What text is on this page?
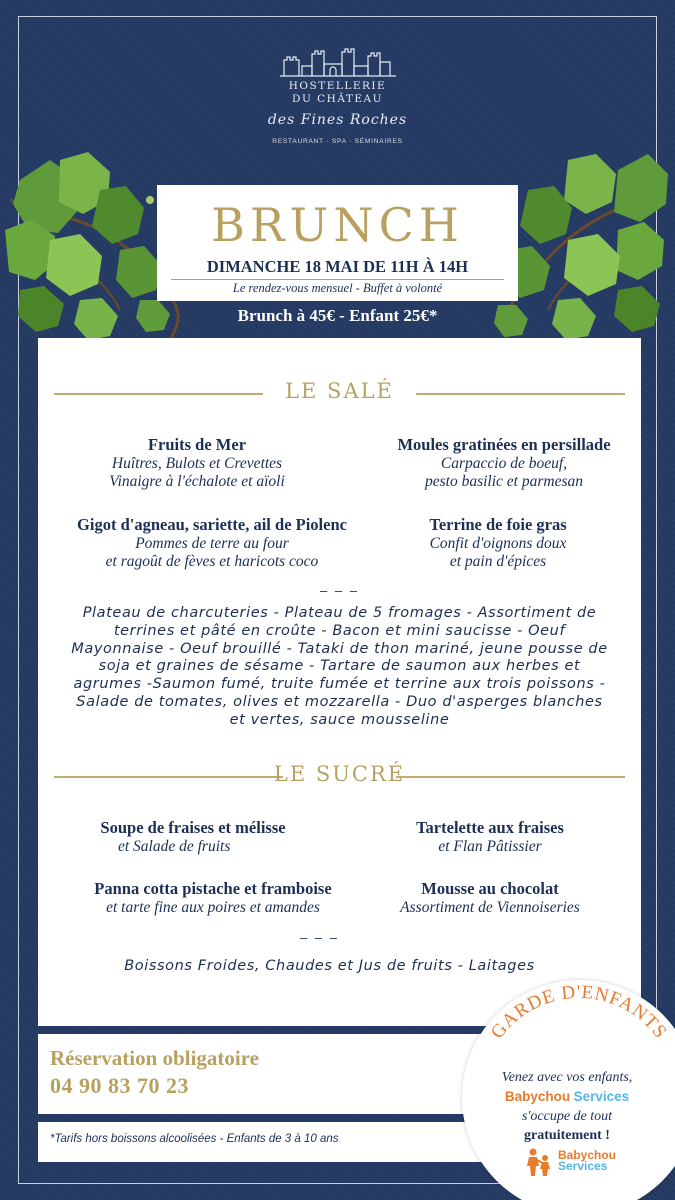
HOSTELLERIE
DU CHÂTEAU
des Fines Roches
RESTAURANT · SPA · SÉMINAIRES
BRUNCH
DIMANCHE 18 MAI DE 11H À 14H
Le rendez-vous mensuel - Buffet à volonté
Brunch à 45€ - Enfant 25€*
LE SALÉ
Fruits de Mer
Huîtres, Bulots et Crevettes
Vinaigre à l'échalote et aïoli
Moules gratinées en persillade
Carpaccio de boeuf,
pesto basilic et parmesan
Gigot d'agneau, sariette, ail de Piolenc
Pommes de terre au four
et ragoût de fèves et haricots coco
Terrine de foie gras
Confit d'oignons doux
et pain d'épices
– – –
Plateau de charcuteries - Plateau de 5 fromages - Assortiment de terrines et pâté en croûte - Bacon et mini saucisse - Oeuf Mayonnaise - Oeuf brouillé - Tataki de thon mariné, jeune pousse de soja et graines de sésame - Tartare de saumon aux herbes et agrumes -Saumon fumé, truite fumée et terrine aux trois poissons - Salade de tomates, olives et mozzarella - Duo d'asperges blanches et vertes, sauce mousseline
LE SUCRÉ
Soupe de fraises et mélisse
et Salade de fruits
Tartelette aux fraises
et Flan Pâtissier
Panna cotta pistache et framboise
et tarte fine aux poires et amandes
Mousse au chocolat
Assortiment de Viennoiseries
– – –
Boissons Froides, Chaudes et Jus de fruits - Laitages
Réservation obligatoire
04 90 83 70 23
*Tarifs hors boissons alcoolisées - Enfants de 3 à 10 ans
Venez avec vos enfants,
Babychou Services
s'occupe de tout
gratuitement !
Babychou
Services
GARDE D'ENFANTS
